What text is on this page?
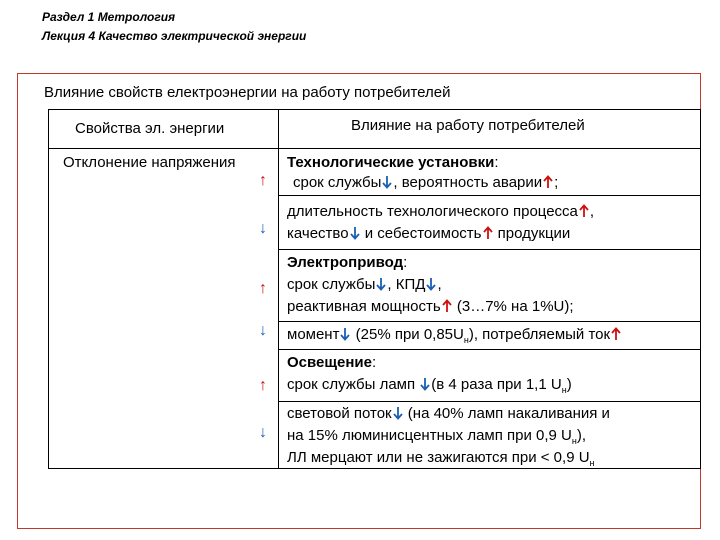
Раздел 1 Метрология
Лекция 4 Качество электрической энергии
Влияние свойств електроэнергии на работу потребителей
Свойства эл. энергии	Влияние на работу потребителей
Отклонение напряжения
↑
↓
↑
↓
↑
↓
Технологические установки:
срок службы , вероятность аварии ;
длительность технологического процесса ,
качество и себестоимость продукции
Электропривод:
срок службы , КПД ,
реактивная мощность (3…7% на 1%U);
момент (25% при $0,85U_н$), потребляемый ток
Освещение:
срок службы ламп (в 4 раза при 1,1 $U_н$)
световой поток (на 40% ламп накаливания и
на 15% люминисцентных ламп при 0,9 $U_н$),
ЛЛ мерцают или не зажигаются при < 0,9 $U_н$
